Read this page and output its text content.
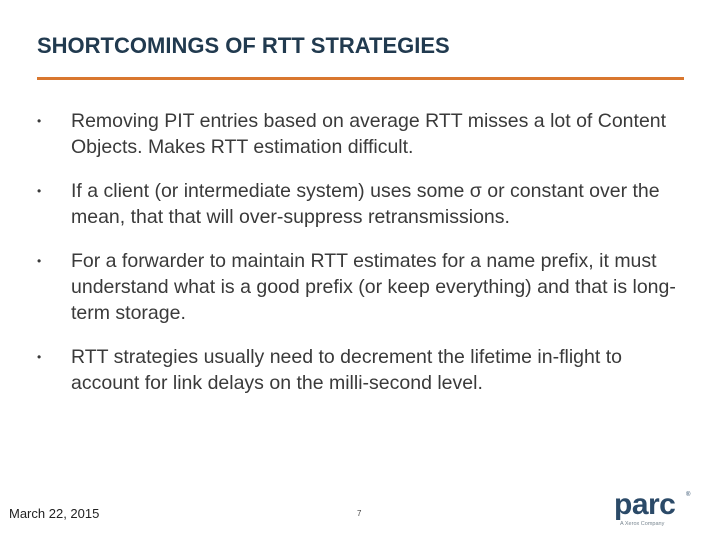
SHORTCOMINGS OF RTT STRATEGIES
•	Removing PIT entries based on average RTT misses a lot of Content Objects. Makes RTT estimation difficult.
•	If a client (or intermediate system) uses some σ or constant over the mean, that that will over-suppress retransmissions.
•	For a forwarder to maintain RTT estimates for a name prefix, it must understand what is a good prefix (or keep everything) and that is long-term storage.
•	RTT strategies usually need to decrement the lifetime in-flight to account for link delays on the milli-second level.
March 22, 2015	7	parc ®
A Xerox Company
